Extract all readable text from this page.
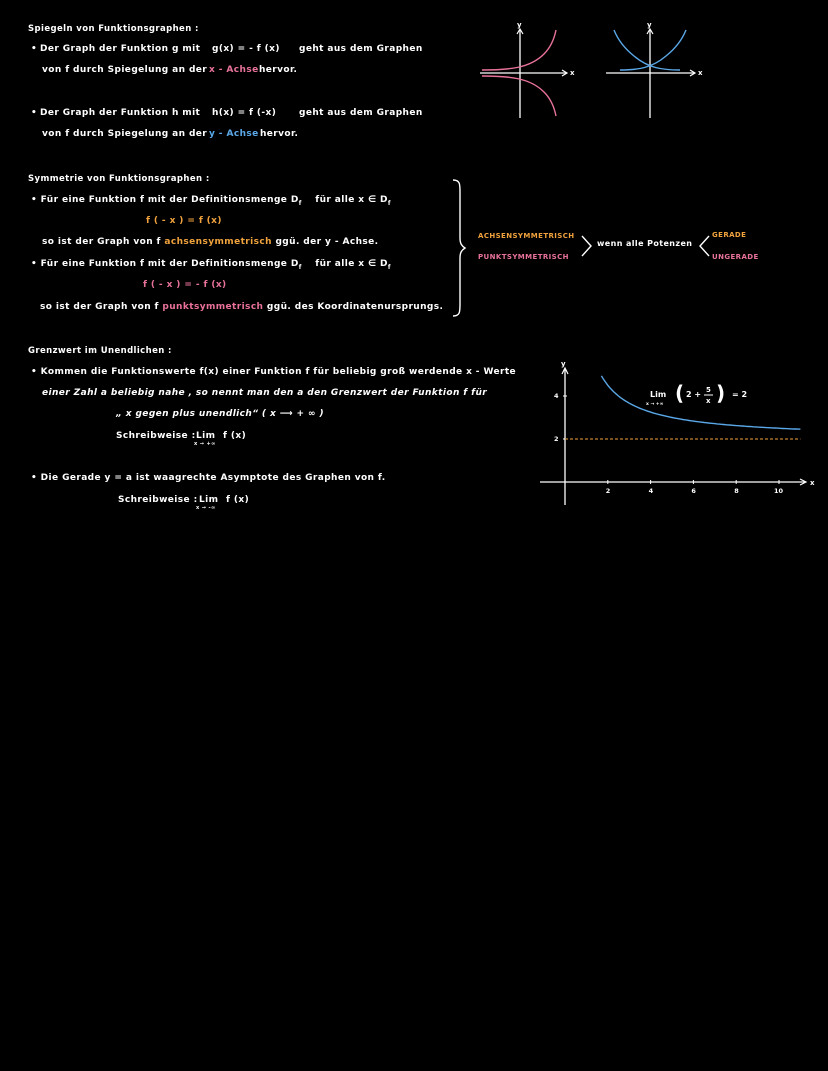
Spiegeln von Funktionsgraphen :
• Der Graph der Funktion g mit g(x) = - f (x) geht aus dem Graphen
von f durch Spiegelung an der x - Achse hervor.
• Der Graph der Funktion h mit h(x) = f (-x)	geht aus dem Graphen
von f durch Spiegelung an der y - Achse hervor.
x
y
x
y
Symmetrie von Funktionsgraphen :
• Für eine Funktion f mit der Definitionsmenge $D_f$ für alle x ∈ $D_f$
f ( - x ) = f (x)
so ist der Graph von f achsensymmetrisch ggü. der y - Achse.
• Für eine Funktion f mit der Definitionsmenge $D_f$ für alle x ∈ $D_f$
f ( - x ) = - f (x)
so ist der Graph von f punktsymmetrisch ggü. des Koordinatenursprungs.
ACHSENSYMMETRISCH
PUNKTSYMMETRISCH
wenn alle Potenzen
GERADE
UNGERADE
Grenzwert im Unendlichen :
• Kommen die Funktionswerte f(x) einer Funktion f für beliebig groß werdende x - Werte
einer Zahl a beliebig nahe , so nennt man den a den Grenzwert der Funktion f für
„ x gegen plus unendlich“ ( x ⟶ + ∞ )
Schreibweise : Lim
x → +∞
f (x)
• Die Gerade y = a ist waagrechte Asymptote des Graphen von f.
Schreibweise : Lim
x → -∞
f (x)
y
x
2	4	6	8	10
2
4	Lim
x → +∞ ( 2 + 5
x ) = 2
